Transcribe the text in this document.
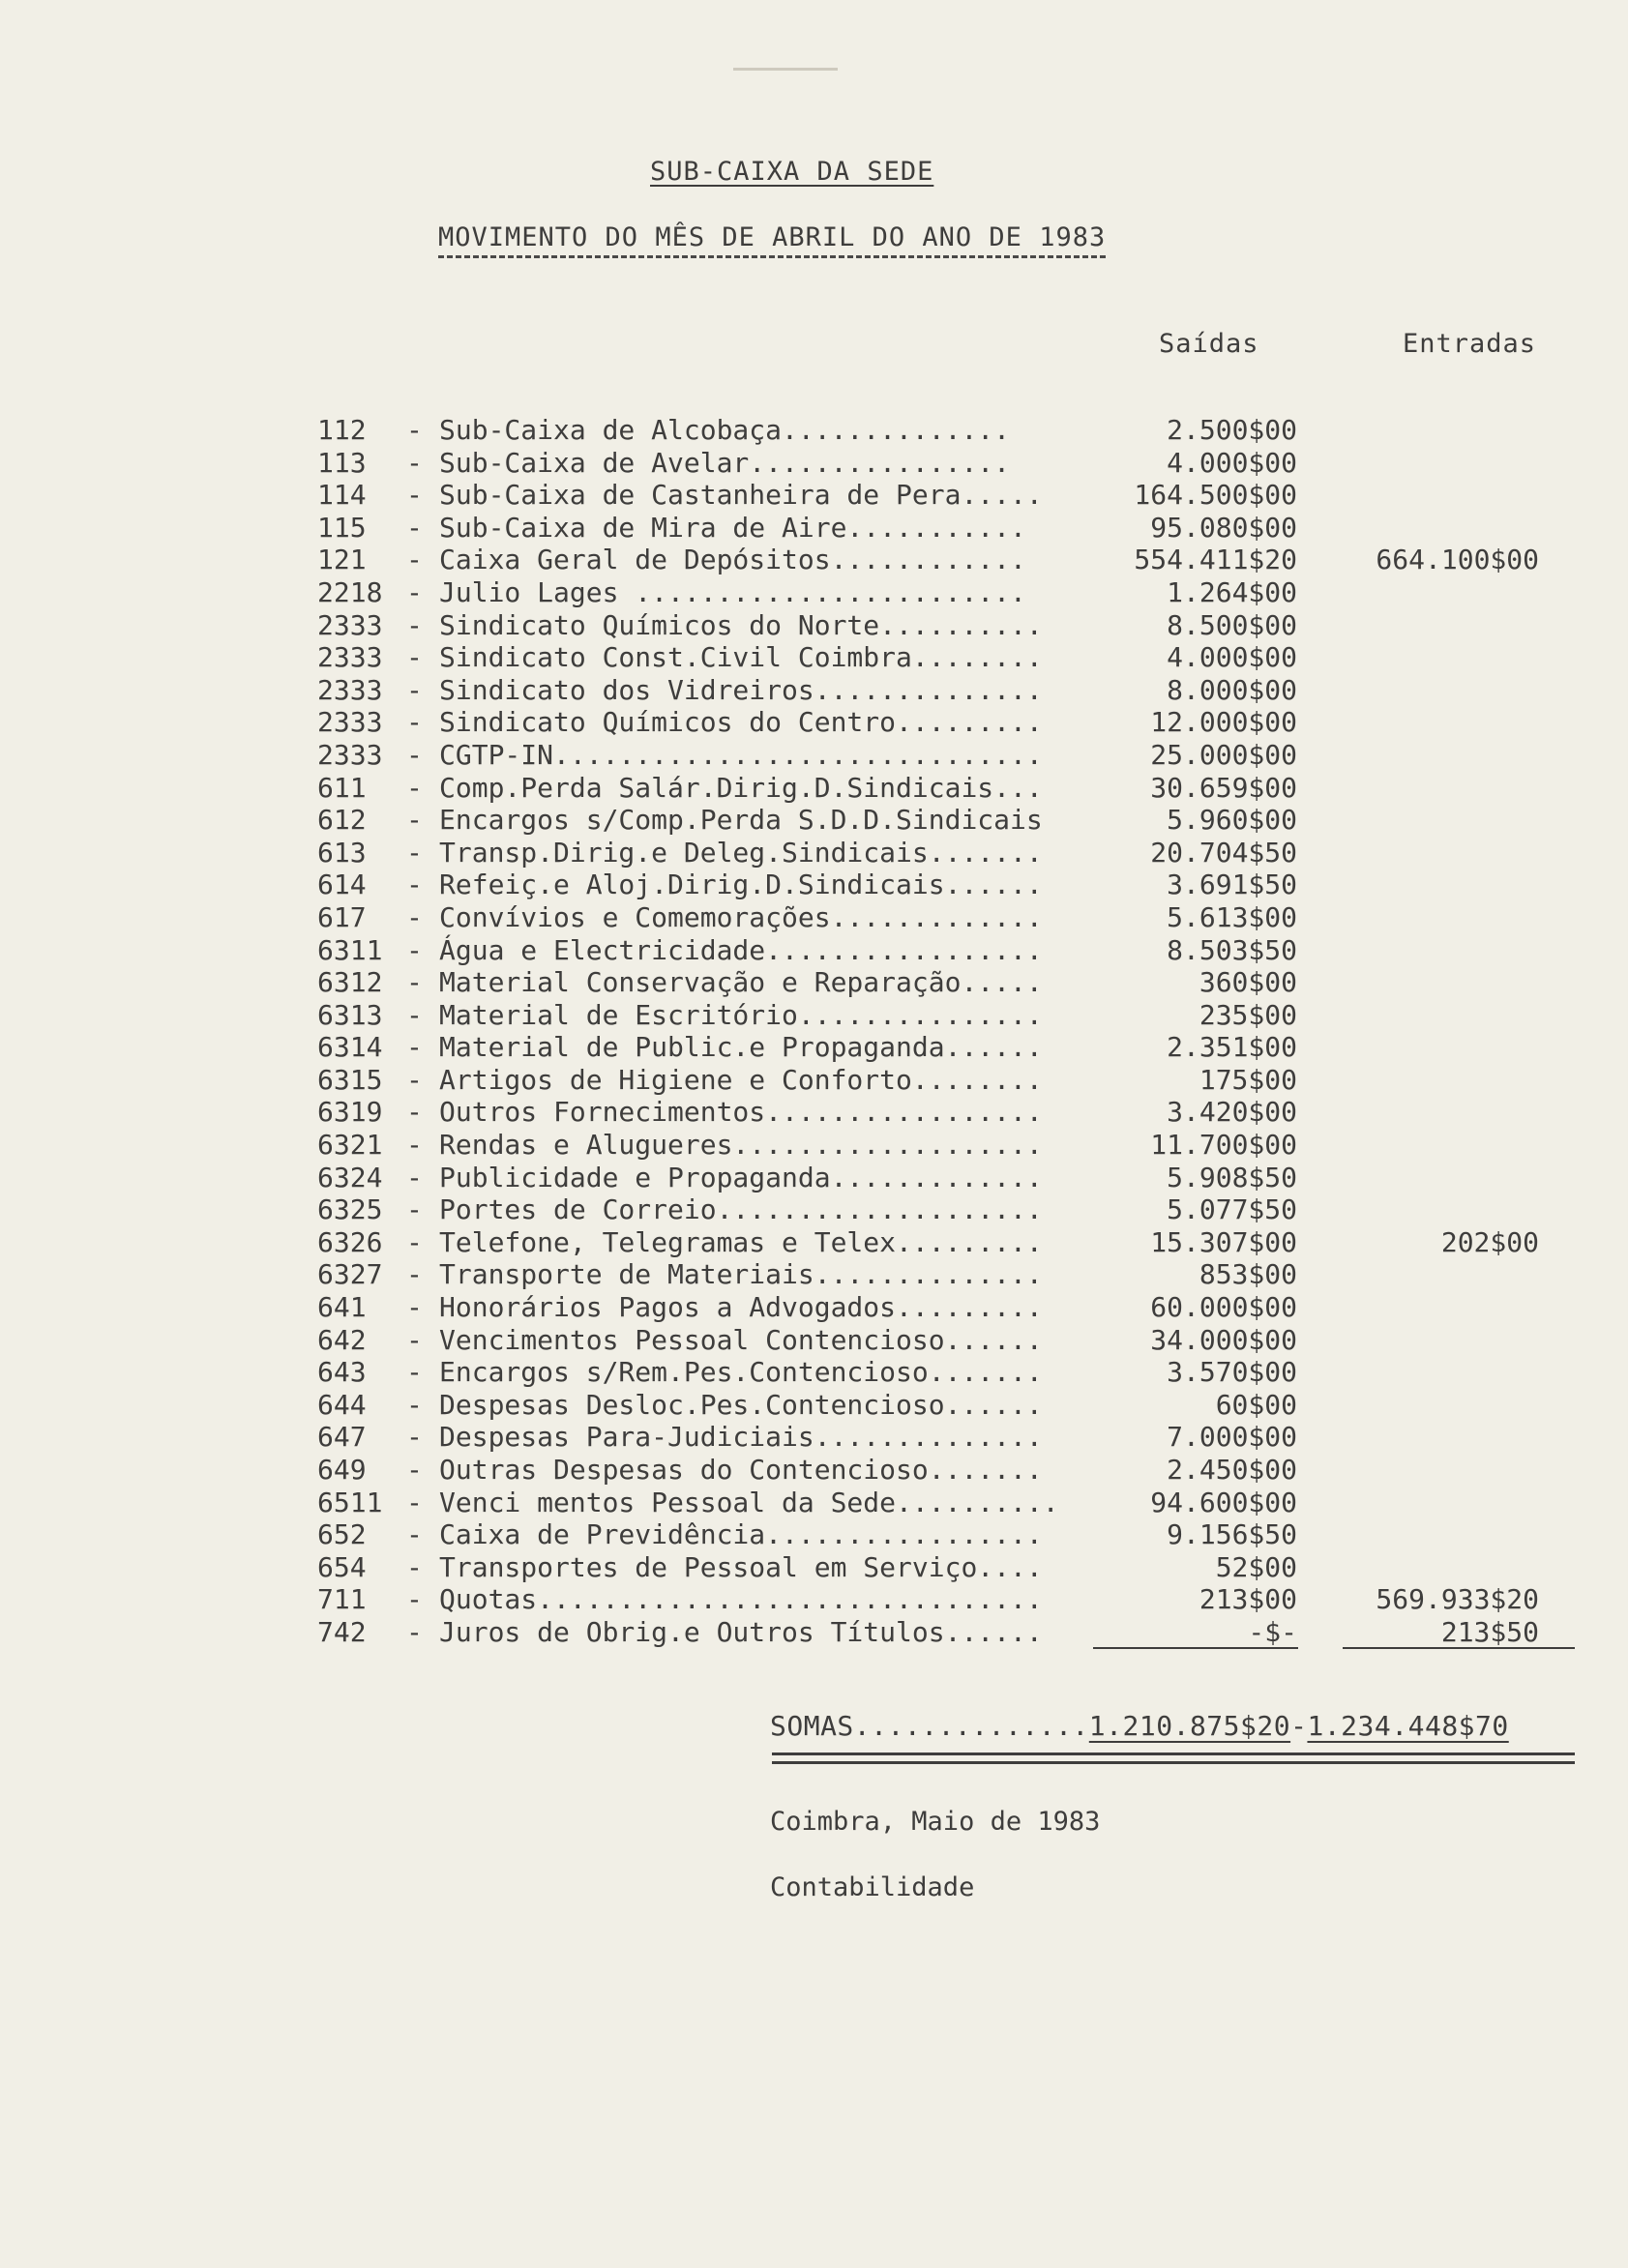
SUB-CAIXA DA SEDE
MOVIMENTO DO MÊS DE ABRIL DO ANO DE 1983
Saídas	Entradas
112	- Sub-Caixa de Alcobaça..............	2.500$00
113	- Sub-Caixa de Avelar................	4.000$00
114	- Sub-Caixa de Castanheira de Pera.....	164.500$00
115	- Sub-Caixa de Mira de Aire...........	95.080$00
121	- Caixa Geral de Depósitos............	554.411$20	664.100$00
2218 - Julio Lages ........................	1.264$00
2333 - Sindicato Químicos do Norte..........	8.500$00
2333 - Sindicato Const.Civil Coimbra........	4.000$00
2333 - Sindicato dos Vidreiros..............	8.000$00
2333 - Sindicato Químicos do Centro.........	12.000$00
2333 - CGTP-IN..............................	25.000$00
611	- Comp.Perda Salár.Dirig.D.Sindicais...	30.659$00
612	- Encargos s/Comp.Perda S.D.D.Sindicais	5.960$00
613	- Transp.Dirig.e Deleg.Sindicais.......	20.704$50
614	- Refeiç.e Aloj.Dirig.D.Sindicais......	3.691$50
617	- Convívios e Comemorações.............	5.613$00
6311 - Água e Electricidade.................	8.503$50
6312 - Material Conservação e Reparação.....	360$00
6313 - Material de Escritório...............	235$00
6314 - Material de Public.e Propaganda......	2.351$00
6315 - Artigos de Higiene e Conforto........	175$00
6319 - Outros Fornecimentos.................	3.420$00
6321 - Rendas e Alugueres...................	11.700$00
6324 - Publicidade e Propaganda.............	5.908$50
6325 - Portes de Correio....................	5.077$50
6326 - Telefone, Telegramas e Telex.........	15.307$00	202$00
6327 - Transporte de Materiais..............	853$00
641	- Honorários Pagos a Advogados.........	60.000$00
642	- Vencimentos Pessoal Contencioso......	34.000$00
643	- Encargos s/Rem.Pes.Contencioso.......	3.570$00
644	- Despesas Desloc.Pes.Contencioso......	60$00
647	- Despesas Para-Judiciais..............	7.000$00
649	- Outras Despesas do Contencioso.......	2.450$00
6511 - Venci mentos Pessoal da Sede..........	94.600$00
652	- Caixa de Previdência.................	9.156$50
654	- Transportes de Pessoal em Serviço....	52$00
711	- Quotas...............................	213$00	569.933$20
742	- Juros de Obrig.e Outros Títulos......	-$-	213$50
SOMAS..............1.210.875$20-1.234.448$70
Coimbra, Maio de 1983
Contabilidade
